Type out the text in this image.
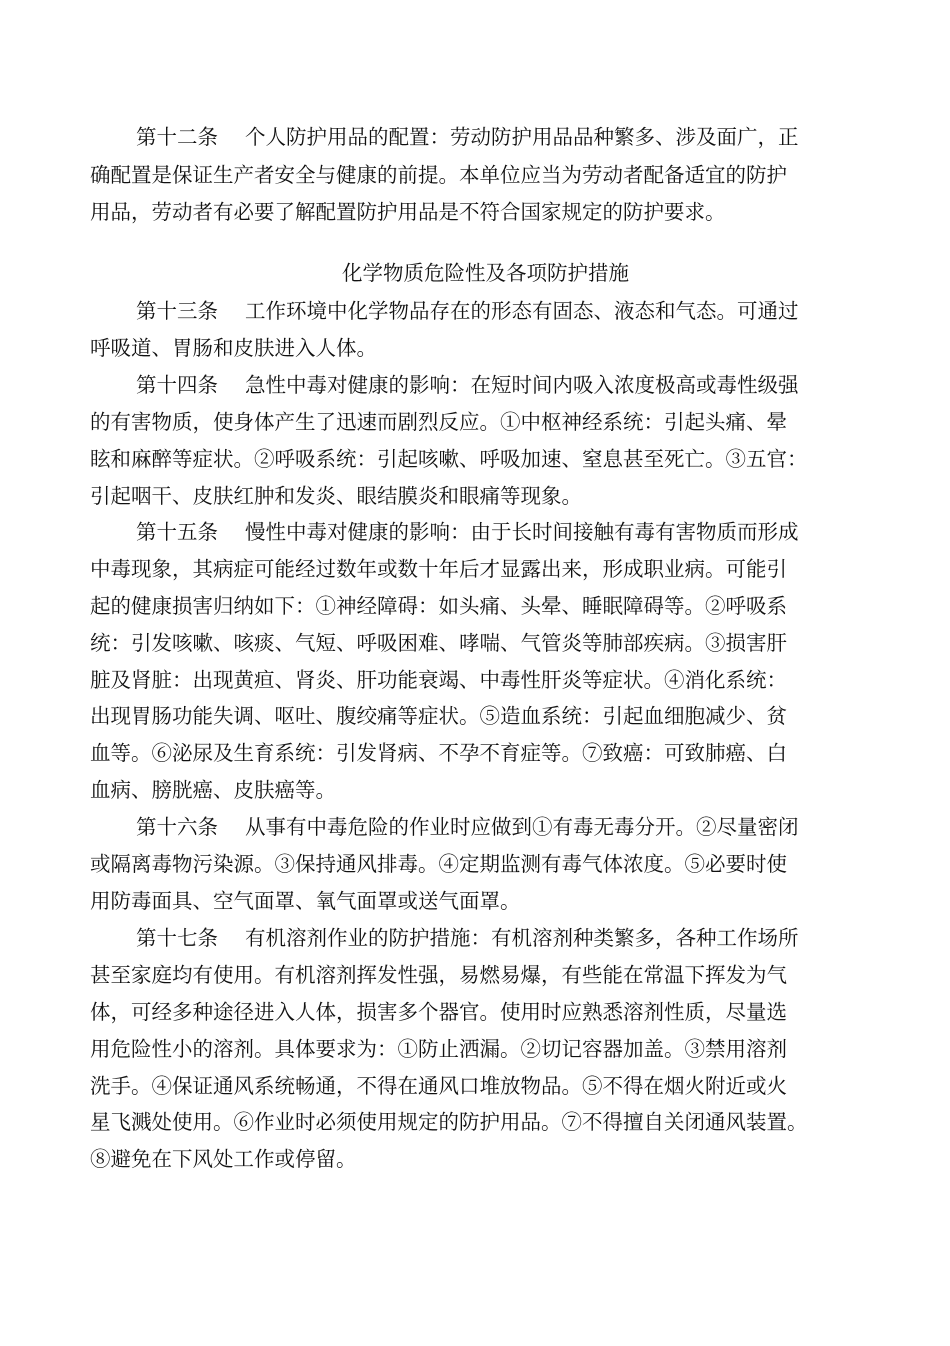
第十二条　 个人防护用品的配置：劳动防护用品品种繁多、涉及面广，正
确配置是保证生产者安全与健康的前提。本单位应当为劳动者配备适宜的防护
用品，劳动者有必要了解配置防护用品是不符合国家规定的防护要求。
化学物质危险性及各项防护措施
第十三条　 工作环境中化学物品存在的形态有固态、液态和气态。可通过
呼吸道、胃肠和皮肤进入人体。
第十四条　 急性中毒对健康的影响：在短时间内吸入浓度极高或毒性级强
的有害物质，使身体产生了迅速而剧烈反应。①中枢神经系统：引起头痛、晕
眩和麻醉等症状。②呼吸系统：引起咳嗽、呼吸加速、窒息甚至死亡。③五官：
引起咽干、皮肤红肿和发炎、眼结膜炎和眼痛等现象。
第十五条　 慢性中毒对健康的影响：由于长时间接触有毒有害物质而形成
中毒现象，其病症可能经过数年或数十年后才显露出来，形成职业病。可能引
起的健康损害归纳如下：①神经障碍：如头痛、头晕、睡眠障碍等。②呼吸系
统：引发咳嗽、咳痰、气短、呼吸困难、哮喘、气管炎等肺部疾病。③损害肝
脏及肾脏：出现黄疸、肾炎、肝功能衰竭、中毒性肝炎等症状。④消化系统：
出现胃肠功能失调、呕吐、腹绞痛等症状。⑤造血系统：引起血细胞减少、贫
血等。⑥泌尿及生育系统：引发肾病、不孕不育症等。⑦致癌：可致肺癌、白
血病、膀胱癌、皮肤癌等。
第十六条　 从事有中毒危险的作业时应做到①有毒无毒分开。②尽量密闭
或隔离毒物污染源。③保持通风排毒。④定期监测有毒气体浓度。⑤必要时使
用防毒面具、空气面罩、氧气面罩或送气面罩。
第十七条　 有机溶剂作业的防护措施：有机溶剂种类繁多，各种工作场所
甚至家庭均有使用。有机溶剂挥发性强，易燃易爆，有些能在常温下挥发为气
体，可经多种途径进入人体，损害多个器官。使用时应熟悉溶剂性质，尽量选
用危险性小的溶剂。具体要求为：①防止洒漏。②切记容器加盖。③禁用溶剂
洗手。④保证通风系统畅通，不得在通风口堆放物品。⑤不得在烟火附近或火
星飞溅处使用。⑥作业时必须使用规定的防护用品。⑦不得擅自关闭通风装置。
⑧避免在下风处工作或停留。
